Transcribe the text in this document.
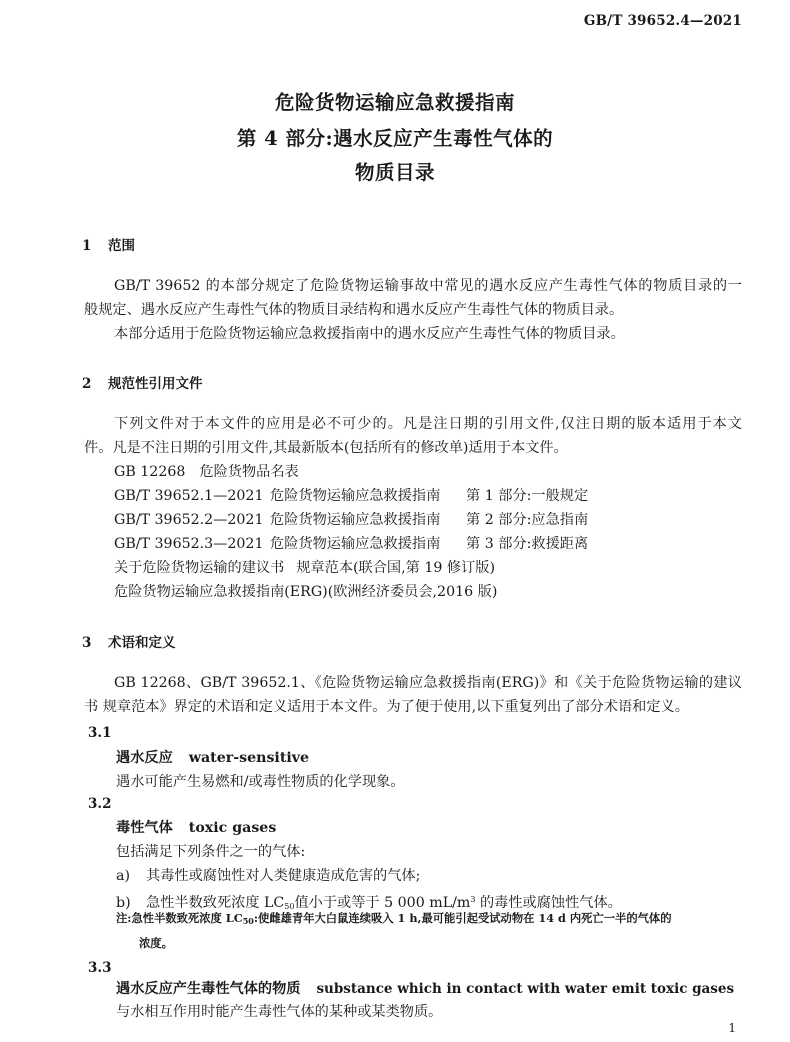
GB/T 39652.4—2021
危险货物运输应急救援指南
第 4 部分:遇水反应产生毒性气体的
物质目录
1 范围
GB/T 39652 的本部分规定了危险货物运输事故中常见的遇水反应产生毒性气体的物质目录的一
般规定、遇水反应产生毒性气体的物质目录结构和遇水反应产生毒性气体的物质目录。
本部分适用于危险货物运输应急救援指南中的遇水反应产生毒性气体的物质目录。
2 规范性引用文件
下列文件对于本文件的应用是必不可少的。凡是注日期的引用文件,仅注日期的版本适用于本文
件。凡是不注日期的引用文件,其最新版本(包括所有的修改单)适用于本文件。
GB 12268 危险货物品名表
GB/T 39652.1—2021 危险货物运输应急救援指南 第 1 部分:一般规定
GB/T 39652.2—2021 危险货物运输应急救援指南 第 2 部分:应急指南
GB/T 39652.3—2021 危险货物运输应急救援指南 第 3 部分:救援距离
关于危险货物运输的建议书 规章范本(联合国,第 19 修订版)
危险货物运输应急救援指南(ERG)(欧洲经济委员会,2016 版)
3 术语和定义
GB 12268、GB/T 39652.1、《危险货物运输应急救援指南(ERG)》和《关于危险货物运输的建议
书 规章范本》界定的术语和定义适用于本文件。为了便于使用,以下重复列出了部分术语和定义。
3.1
遇水反应 water-sensitive
遇水可能产生易燃和/或毒性物质的化学现象。
3.2
毒性气体 toxic gases
包括满足下列条件之一的气体:
a) 其毒性或腐蚀性对人类健康造成危害的气体;
b) 急性半数致死浓度 $LC_{50}$值小于或等于 5 000 $mL/m^3$ 的毒性或腐蚀性气体。
注:急性半数致死浓度 $LC_{50}$:使雌雄青年大白鼠连续吸入 1 h,最可能引起受试动物在 14 d 内死亡一半的气体的
浓度。
3.3
遇水反应产生毒性气体的物质 substance which in contact with water emit toxic gases
与水相互作用时能产生毒性气体的某种或某类物质。
1
